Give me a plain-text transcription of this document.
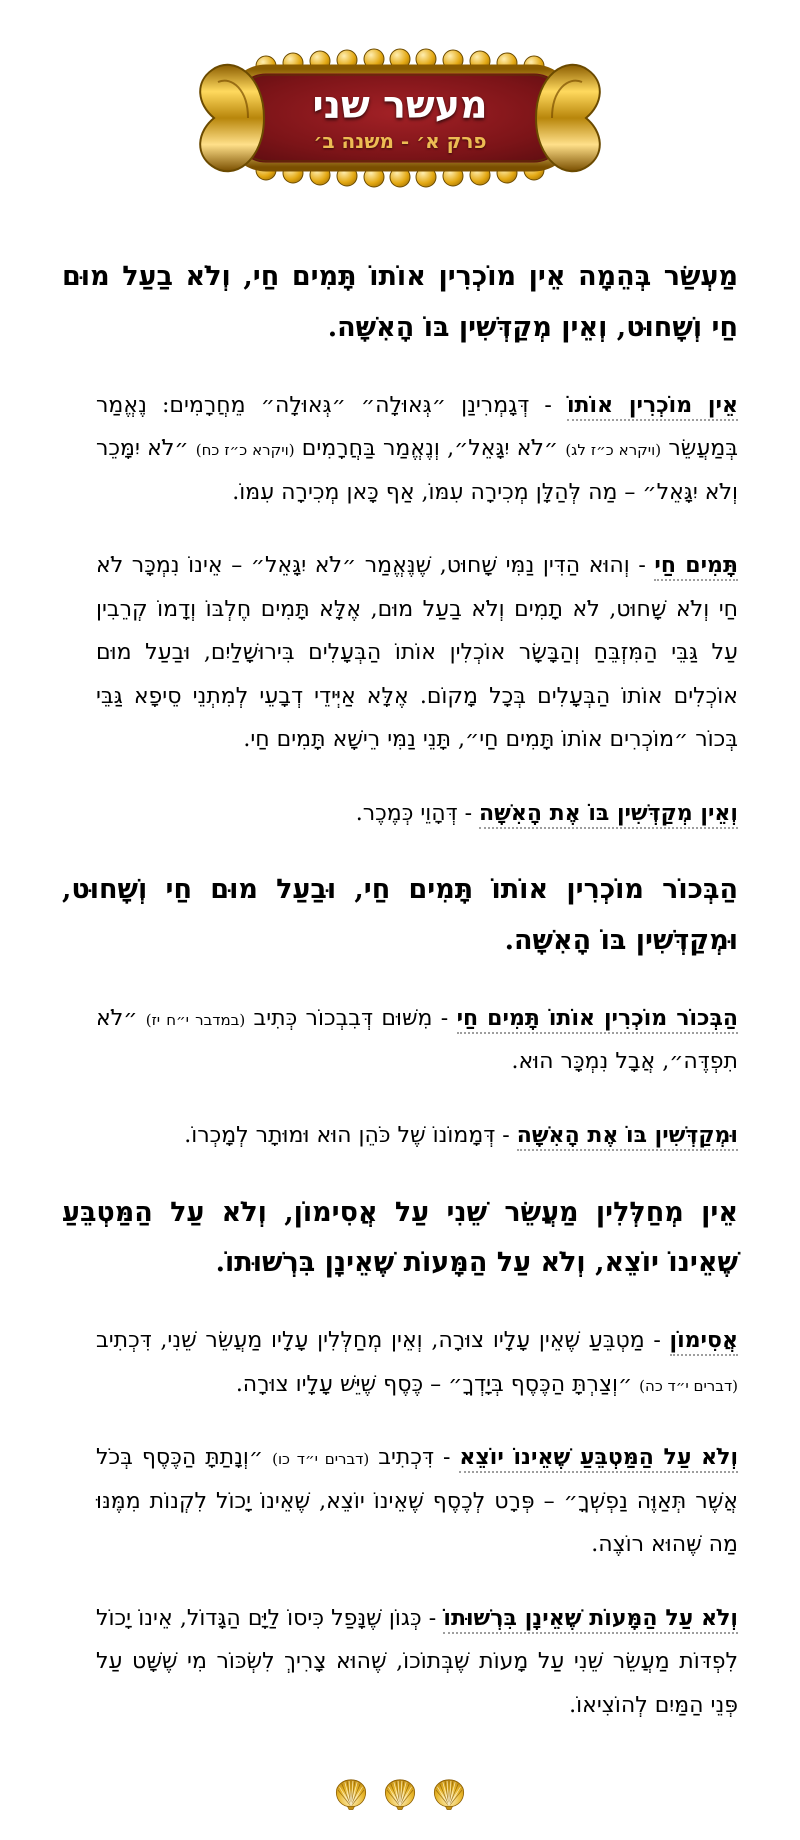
מעשר שני
פרק א׳ - משנה ב׳

מַעְשַׂר בְּהֵמָה אֵין מוֹכְרִין אוֹתוֹ תָּמִים חַי, וְלֹא בַעַל מוּם חַי וְשָׁחוּט, וְאֵין מְקַדְּשִׁין בּוֹ הָאִשָּׁה.

אֵין מוֹכְרִין אוֹתוֹ - דְּגָמְרִינַן ״גְּאוּלָה״ ״גְּאוּלָה״ מֵחֲרָמִים: נֶאֱמַר בְּמַעֲשֵׂר (ויקרא כ״ז לג) ״לֹא יִגָּאֵל״, וְנֶאֱמַר בַּחֲרָמִים (ויקרא כ״ז כח) ״לֹא יִמָּכֵר וְלֹא יִגָּאֵל״ – מַה לְּהַלָּן מְכִירָה עִמּוֹ, אַף כָּאן מְכִירָה עִמּוֹ.

תָּמִים חַי - וְהוּא הַדִּין נַמִּי שָׁחוּט, שֶׁנֶּאֱמַר ״לֹא יִגָּאֵל״ – אֵינוֹ נִמְכָּר לֹא חַי וְלֹא שָׁחוּט, לֹא תָמִים וְלֹא בַעַל מוּם, אֶלָּא תָּמִים חֶלְבּוֹ וְדָמוֹ קְרֵבִין עַל גַּבֵּי הַמִּזְבֵּחַ וְהַבָּשָׂר אוֹכְלִין אוֹתוֹ הַבְּעָלִים בִּירוּשָׁלַיִם, וּבַעַל מוּם אוֹכְלִים אוֹתוֹ הַבְּעָלִים בְּכָל מָקוֹם. אֶלָּא אַיְּידֵי דְבָעֵי לְמִתְנֵי סֵיפָא גַּבֵּי בְּכוֹר ״מוֹכְרִים אוֹתוֹ תָּמִים חַי״, תָּנֵי נַמִּי רֵישָׁא תָּמִים חַי.

וְאֵין מְקַדְּשִׁין בּוֹ אֶת הָאִשָּׁה - דְּהָוֵי כְּמֶכֶר.

הַבְּכוֹר מוֹכְרִין אוֹתוֹ תָּמִים חַי, וּבַעַל מוּם חַי וְשָׁחוּט, וּמְקַדְּשִׁין בּוֹ הָאִשָּׁה.

הַבְּכוֹר מוֹכְרִין אוֹתוֹ תָּמִים חַי - מִשּׁוּם דְּבִבְכוֹר כְּתִיב (במדבר י״ח יז) ״לֹא תִפְדֶּה״, אֲבָל נִמְכָּר הוּא.

וּמְקַדְּשִׁין בּוֹ אֶת הָאִשָּׁה - דְּמָמוֹנוֹ שֶׁל כֹּהֵן הוּא וּמוּתָר לְמָכְרוֹ.

אֵין מְחַלְּלִין מַעֲשֵׂר שֵׁנִי עַל אֲסִימוֹן, וְלֹא עַל הַמַּטְבֵּעַ שֶׁאֵינוֹ יוֹצֵא, וְלֹא עַל הַמָּעוֹת שֶׁאֵינָן בִּרְשׁוּתוֹ.

אֲסִימוֹן - מַטְבֵּעַ שֶׁאֵין עָלָיו צוּרָה, וְאֵין מְחַלְּלִין עָלָיו מַעֲשֵׂר שֵׁנִי, דִּכְתִיב (דברים י״ד כה) ״וְצַרְתָּ הַכֶּסֶף בְּיָדְךָ״ – כֶּסֶף שֶׁיֵּשׁ עָלָיו צוּרָה.

וְלֹא עַל הַמַּטְבֵּעַ שֶׁאֵינוֹ יוֹצֵא - דִּכְתִיב (דברים י״ד כו) ״וְנָתַתָּ הַכֶּסֶף בְּכֹל אֲשֶׁר תְּאַוֶּה נַפְשְׁךָ״ – פְּרָט לְכֶסֶף שֶׁאֵינוֹ יוֹצֵא, שֶׁאֵינוֹ יָכוֹל לִקְנוֹת מִמֶּנּוּ מַה שֶּׁהוּא רוֹצֶה.

וְלֹא עַל הַמָּעוֹת שֶׁאֵינָן בִּרְשׁוּתוֹ - כְּגוֹן שֶׁנָּפַל כִּיסוֹ לַיָּם הַגָּדוֹל, אֵינוֹ יָכוֹל לִפְדּוֹת מַעֲשֵׂר שֵׁנִי עַל מָעוֹת שֶׁבְּתוֹכוֹ, שֶׁהוּא צָרִיךְ לִשְׂכּוֹר מִי שֶׁשָּׁט עַל פְּנֵי הַמַּיִם לְהוֹצִיאוֹ.
